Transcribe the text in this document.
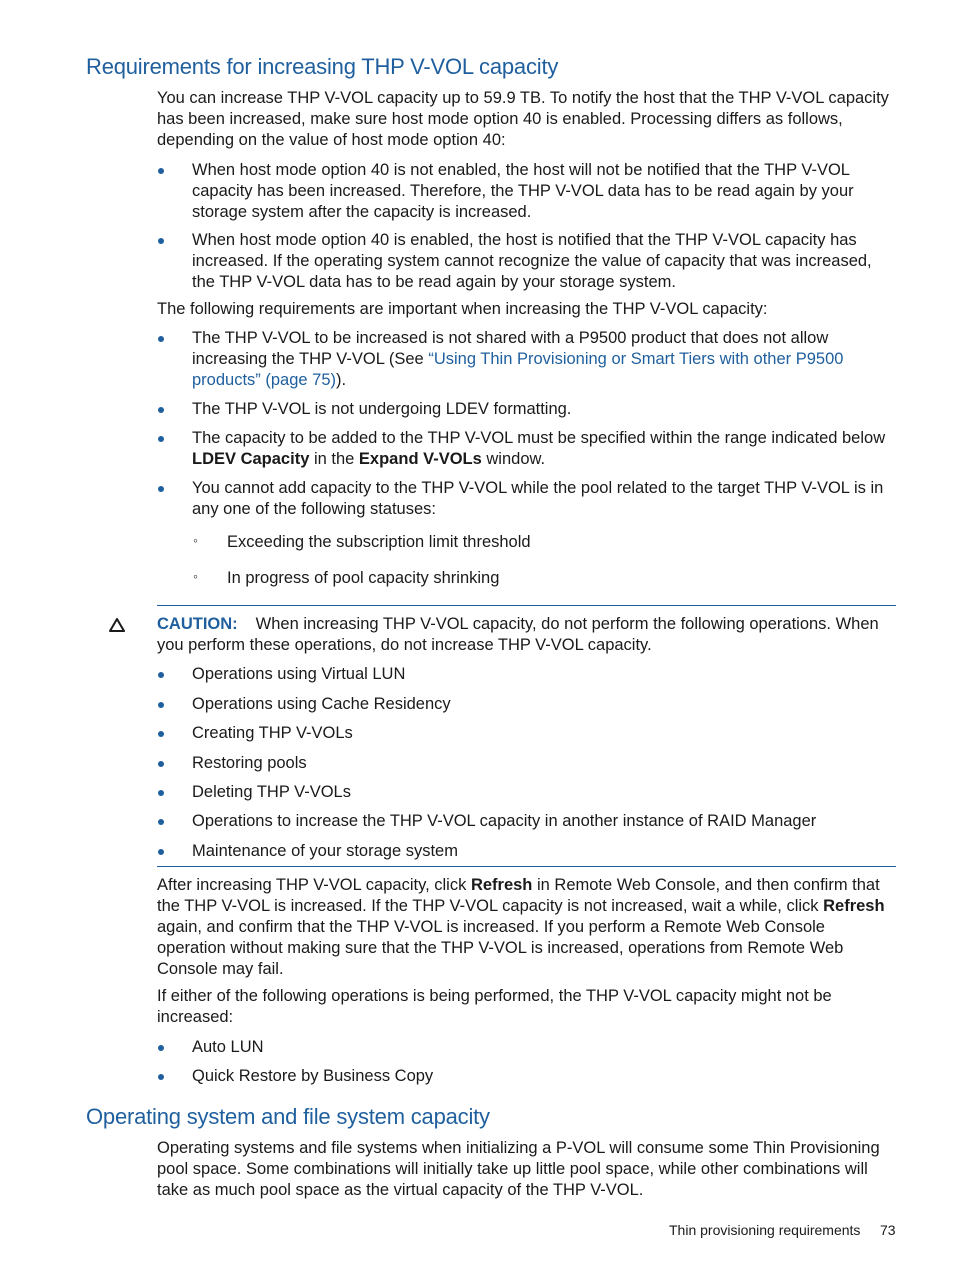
Requirements for increasing THP V-VOL capacity

You can increase THP V-VOL capacity up to 59.9 TB. To notify the host that the THP V-VOL capacity has been increased, make sure host mode option 40 is enabled. Processing differs as follows, depending on the value of host mode option 40:

When host mode option 40 is not enabled, the host will not be notified that the THP V-VOL capacity has been increased. Therefore, the THP V-VOL data has to be read again by your storage system after the capacity is increased.
When host mode option 40 is enabled, the host is notified that the THP V-VOL capacity has increased. If the operating system cannot recognize the value of capacity that was increased, the THP V-VOL data has to be read again by your storage system.

The following requirements are important when increasing the THP V-VOL capacity:

The THP V-VOL to be increased is not shared with a P9500 product that does not allow increasing the THP V-VOL (See “Using Thin Provisioning or Smart Tiers with other P9500 products” (page 75)).
The THP V-VOL is not undergoing LDEV formatting.
The capacity to be added to the THP V-VOL must be specified within the range indicated below LDEV Capacity in the Expand V-VOLs window.
You cannot add capacity to the THP V-VOL while the pool related to the target THP V-VOL is in any one of the following statuses:
◦ Exceeding the subscription limit threshold
◦ In progress of pool capacity shrinking

CAUTION: When increasing THP V-VOL capacity, do not perform the following operations. When you perform these operations, do not increase THP V-VOL capacity.

Operations using Virtual LUN
Operations using Cache Residency
Creating THP V-VOLs
Restoring pools
Deleting THP V-VOLs
Operations to increase the THP V-VOL capacity in another instance of RAID Manager
Maintenance of your storage system

After increasing THP V-VOL capacity, click Refresh in Remote Web Console, and then confirm that the THP V-VOL is increased. If the THP V-VOL capacity is not increased, wait a while, click Refresh again, and confirm that the THP V-VOL is increased. If you perform a Remote Web Console operation without making sure that the THP V-VOL is increased, operations from Remote Web Console may fail.

If either of the following operations is being performed, the THP V-VOL capacity might not be increased:

Auto LUN
Quick Restore by Business Copy
Operating system and file system capacity

Operating systems and file systems when initializing a P-VOL will consume some Thin Provisioning pool space. Some combinations will initially take up little pool space, while other combinations will take as much pool space as the virtual capacity of the THP V-VOL.

Thin provisioning requirements 73
